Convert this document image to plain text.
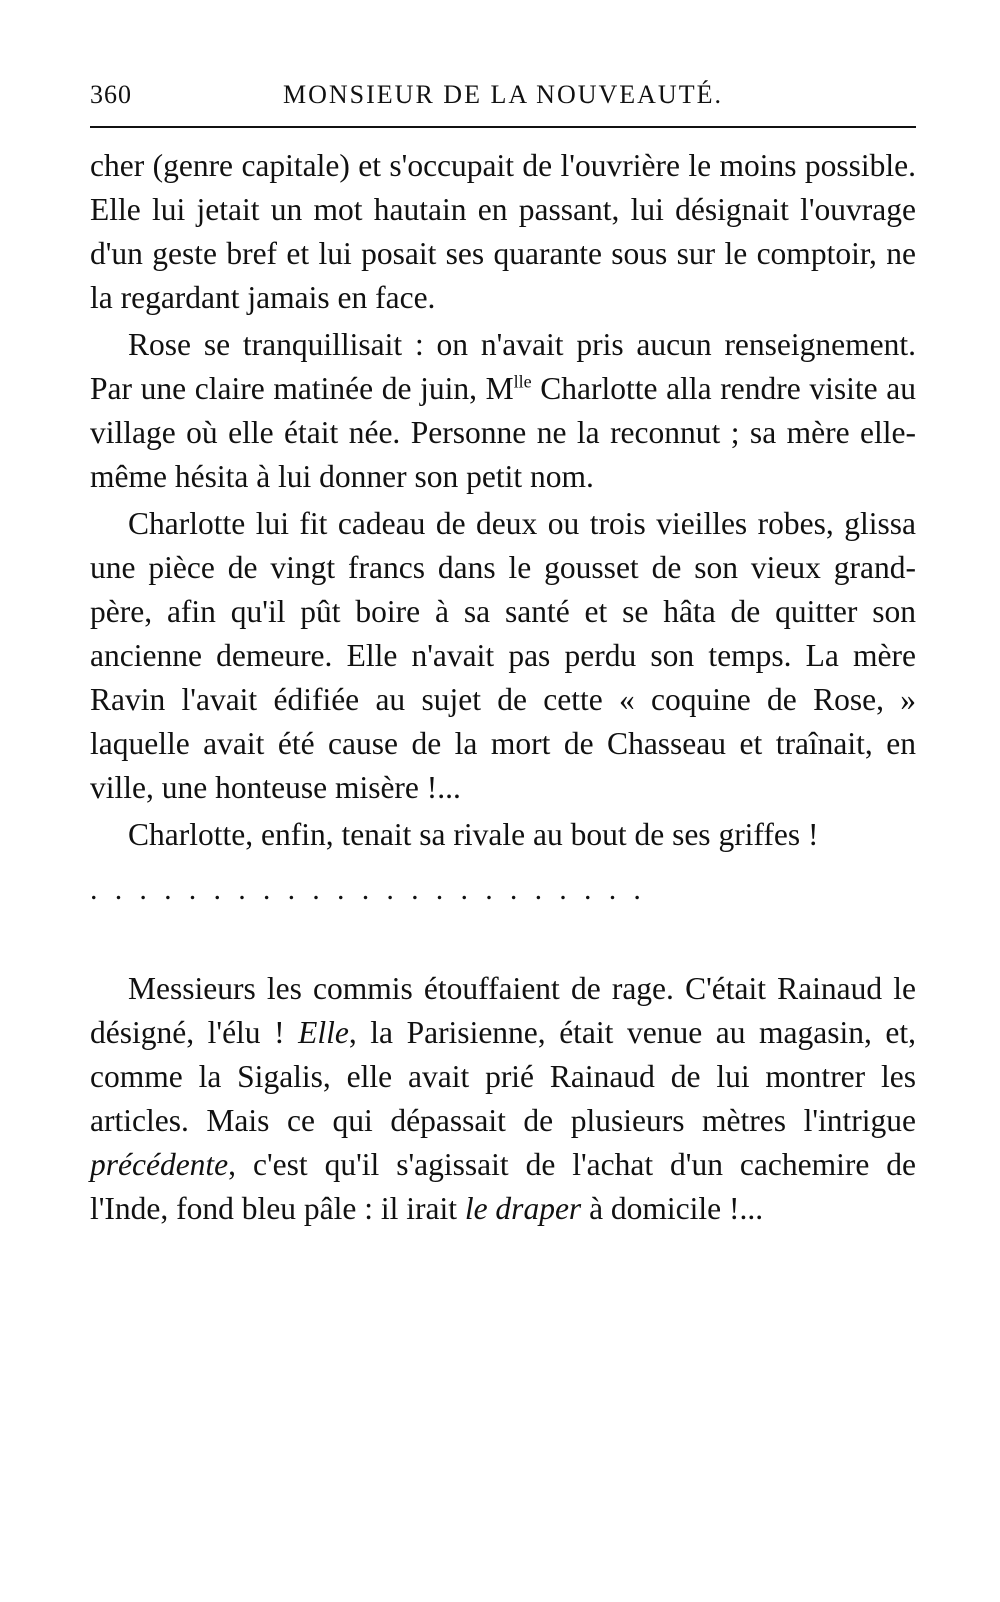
360	MONSIEUR DE LA NOUVEAUTÉ.

cher (genre capitale) et s'occupait de l'ouvrière le moins possible. Elle lui jetait un mot hautain en passant, lui désignait l'ouvrage d'un geste bref et lui posait ses quarante sous sur le comptoir, ne la regardant jamais en face.

Rose se tranquillisait : on n'avait pris aucun renseignement. Par une claire matinée de juin, $M^{lle}$ Charlotte alla rendre visite au village où elle était née. Personne ne la reconnut ; sa mère elle-même hésita à lui donner son petit nom.

Charlotte lui fit cadeau de deux ou trois vieilles robes, glissa une pièce de vingt francs dans le gousset de son vieux grand-père, afin qu'il pût boire à sa santé et se hâta de quitter son ancienne demeure. Elle n'avait pas perdu son temps. La mère Ravin l'avait édifiée au sujet de cette « coquine de Rose, » laquelle avait été cause de la mort de Chasseau et traînait, en ville, une honteuse misère !...

Charlotte, enfin, tenait sa rivale au bout de ses griffes !

.......................

Messieurs les commis étouffaient de rage. C'était Rainaud le désigné, l'élu ! Elle, la Parisienne, était venue au magasin, et, comme la Sigalis, elle avait prié Rainaud de lui montrer les articles. Mais ce qui dépassait de plusieurs mètres l'intrigue précédente, c'est qu'il s'agissait de l'achat d'un cachemire de l'Inde, fond bleu pâle : il irait le draper à domicile !...
